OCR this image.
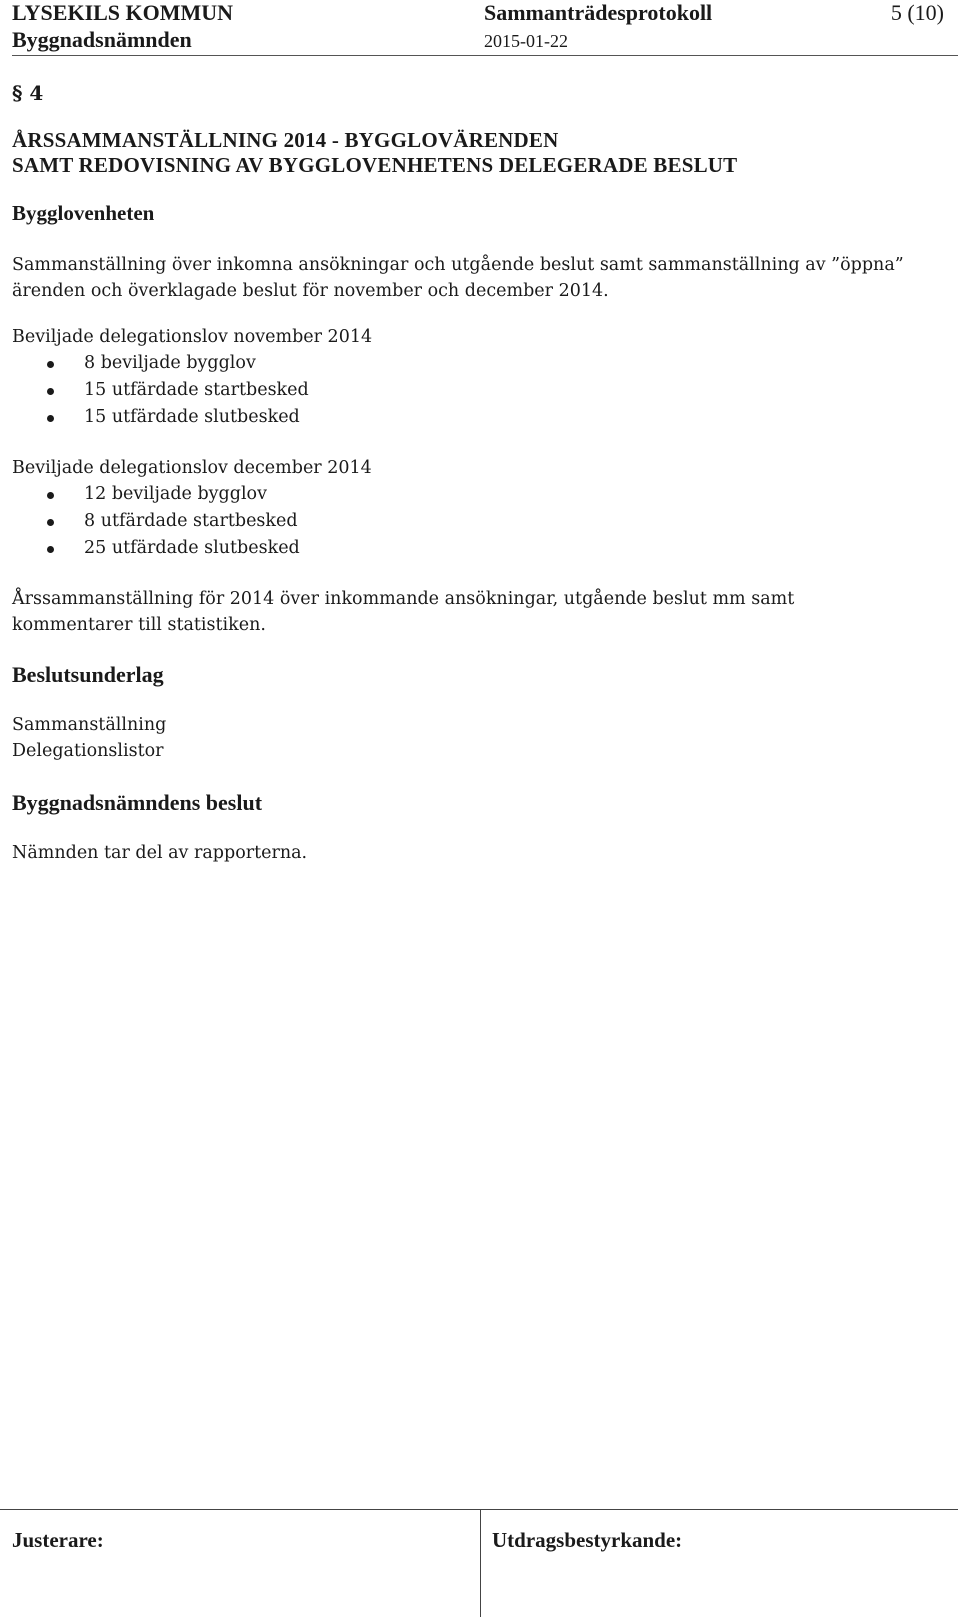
LYSEKILS KOMMUN
Byggnadsnämnden
Sammanträdesprotokoll
2015-01-22
5 (10)

§ 4

ÅRSSAMMANSTÄLLNING 2014 - BYGGLOVÄRENDEN
SAMT REDOVISNING AV BYGGLOVENHETENS DELEGERADE BESLUT

Bygglovenheten

Sammanställning över inkomna ansökningar och utgående beslut samt sammanställning av ”öppna” ärenden och överklagade beslut för november och december 2014.

Beviljade delegationslov november 2014

8 beviljade bygglov
15 utfärdade startbesked
15 utfärdade slutbesked

Beviljade delegationslov december 2014

12 beviljade bygglov
8 utfärdade startbesked
25 utfärdade slutbesked

Årssammanställning för 2014 över inkommande ansökningar, utgående beslut mm samt kommentarer till statistiken.

Beslutsunderlag

Sammanställning

Delegationslistor

Byggnadsnämndens beslut

Nämnden tar del av rapporterna.

Justerare:	Utdragsbestyrkande:
